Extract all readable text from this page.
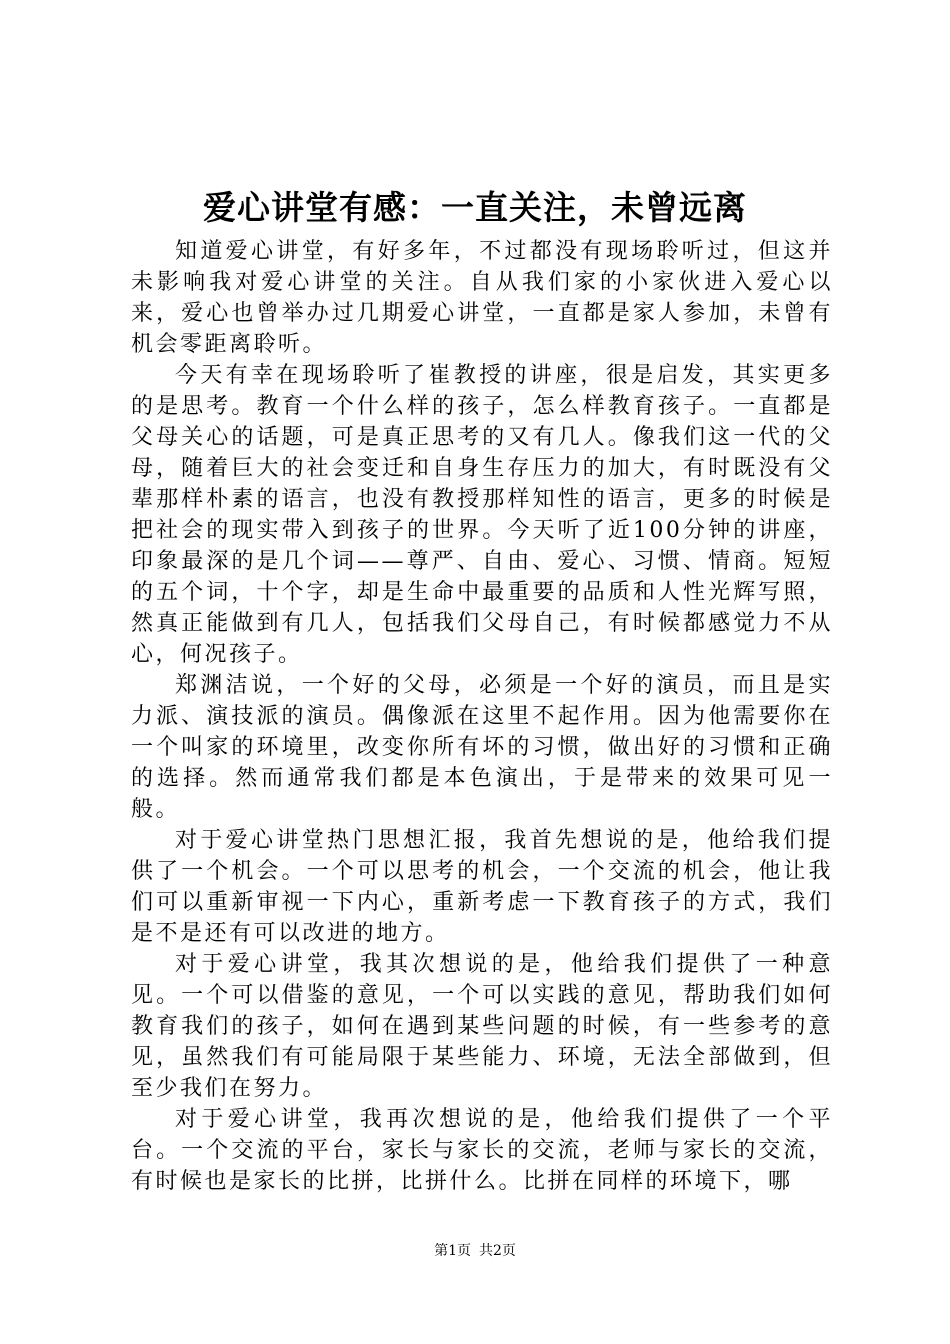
爱心讲堂有感：一直关注，未曾远离

知道爱心讲堂，有好多年，不过都没有现场聆听过，但这并未影响我对爱心讲堂的关注。自从我们家的小家伙进入爱心以来，爱心也曾举办过几期爱心讲堂，一直都是家人参加，未曾有机会零距离聆听。

今天有幸在现场聆听了崔教授的讲座，很是启发，其实更多的是思考。教育一个什么样的孩子，怎么样教育孩子。一直都是父母关心的话题，可是真正思考的又有几人。像我们这一代的父母，随着巨大的社会变迁和自身生存压力的加大，有时既没有父辈那样朴素的语言，也没有教授那样知性的语言，更多的时候是把社会的现实带入到孩子的世界。今天听了近100分钟的讲座，印象最深的是几个词——尊严、自由、爱心、习惯、情商。短短的五个词，十个字，却是生命中最重要的品质和人性光辉写照，然真正能做到有几人，包括我们父母自己，有时候都感觉力不从心，何况孩子。

郑渊洁说，一个好的父母，必须是一个好的演员，而且是实力派、演技派的演员。偶像派在这里不起作用。因为他需要你在一个叫家的环境里，改变你所有坏的习惯，做出好的习惯和正确的选择。然而通常我们都是本色演出，于是带来的效果可见一般。

对于爱心讲堂热门思想汇报，我首先想说的是，他给我们提供了一个机会。一个可以思考的机会，一个交流的机会，他让我们可以重新审视一下内心，重新考虑一下教育孩子的方式，我们是不是还有可以改进的地方。

对于爱心讲堂，我其次想说的是，他给我们提供了一种意见。一个可以借鉴的意见，一个可以实践的意见，帮助我们如何教育我们的孩子，如何在遇到某些问题的时候，有一些参考的意见，虽然我们有可能局限于某些能力、环境，无法全部做到，但至少我们在努力。

对于爱心讲堂，我再次想说的是，他给我们提供了一个平台。一个交流的平台，家长与家长的交流，老师与家长的交流，有时候也是家长的比拼，比拼什么。比拼在同样的环境下，哪

第1页 共2页
